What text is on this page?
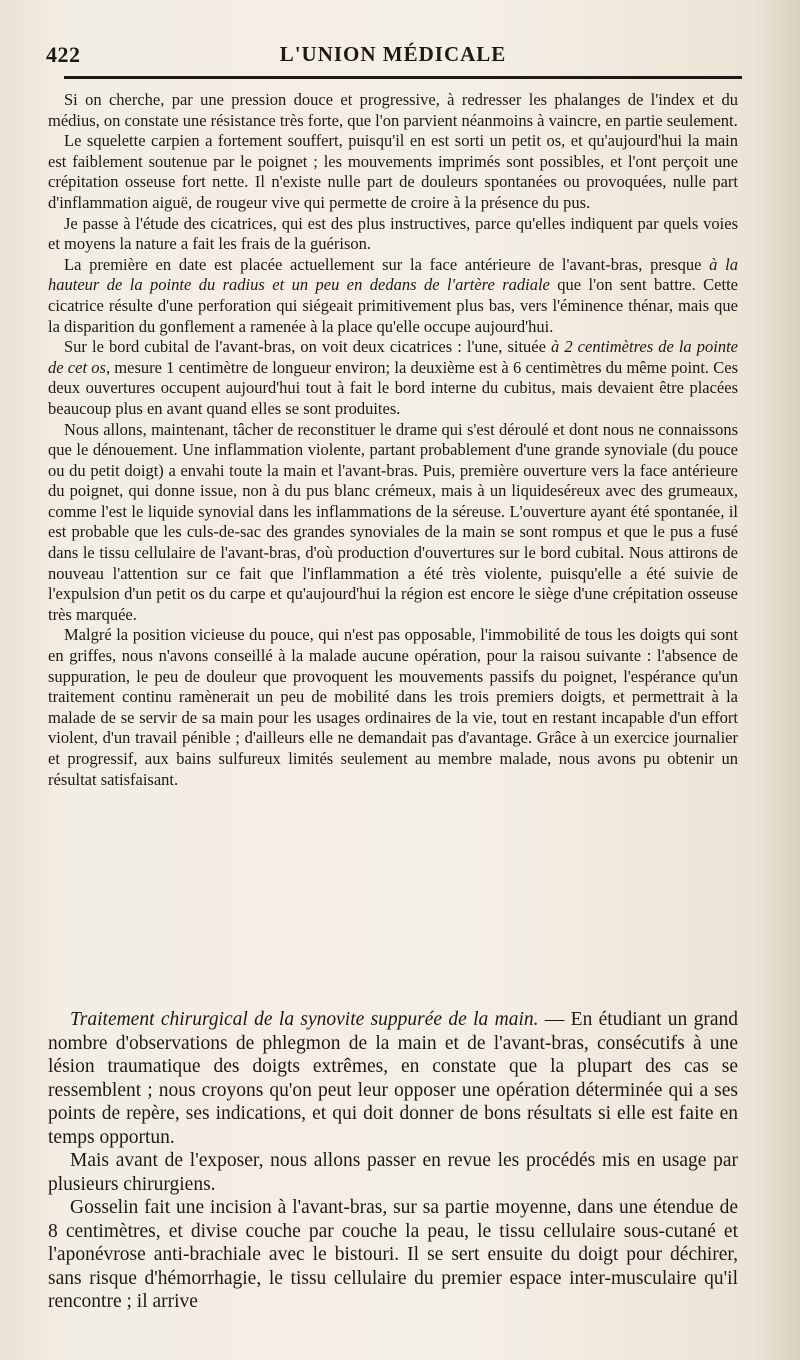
422	L'UNION MÉDICALE

Si on cherche, par une pression douce et progressive, à redresser les phalanges de l'index et du médius, on constate une résistance très forte, que l'on parvient néanmoins à vaincre, en partie seulement.

Le squelette carpien a fortement souffert, puisqu'il en est sorti un petit os, et qu'aujourd'hui la main est faiblement soutenue par le poignet ; les mouvements imprimés sont possibles, et l'ont perçoit une crépitation osseuse fort nette. Il n'existe nulle part de douleurs spontanées ou provoquées, nulle part d'inflammation aiguë, de rougeur vive qui permette de croire à la présence du pus.

Je passe à l'étude des cicatrices, qui est des plus instructives, parce qu'elles indiquent par quels voies et moyens la nature a fait les frais de la guérison.

La première en date est placée actuellement sur la face antérieure de l'avant-bras, presque à la hauteur de la pointe du radius et un peu en dedans de l'artère radiale que l'on sent battre. Cette cicatrice résulte d'une perforation qui siégeait primitivement plus bas, vers l'éminence thénar, mais que la disparition du gonflement a ramenée à la place qu'elle occupe aujourd'hui.

Sur le bord cubital de l'avant-bras, on voit deux cicatrices : l'une, située à 2 centimètres de la pointe de cet os, mesure 1 centimètre de longueur environ; la deuxième est à 6 centimètres du même point. Ces deux ouvertures occupent aujourd'hui tout à fait le bord interne du cubitus, mais devaient être placées beaucoup plus en avant quand elles se sont produites.

Nous allons, maintenant, tâcher de reconstituer le drame qui s'est déroulé et dont nous ne connaissons que le dénouement. Une inflammation violente, partant probablement d'une grande synoviale (du pouce ou du petit doigt) a envahi toute la main et l'avant-bras. Puis, première ouverture vers la face antérieure du poignet, qui donne issue, non à du pus blanc crémeux, mais à un liquideséreux avec des grumeaux, comme l'est le liquide synovial dans les inflammations de la séreuse. L'ouverture ayant été spontanée, il est probable que les culs-de-sac des grandes synoviales de la main se sont rompus et que le pus a fusé dans le tissu cellulaire de l'avant-bras, d'où production d'ouvertures sur le bord cubital. Nous attirons de nouveau l'attention sur ce fait que l'inflammation a été très violente, puisqu'elle a été suivie de l'expulsion d'un petit os du carpe et qu'aujourd'hui la région est encore le siège d'une crépitation osseuse très marquée.

Malgré la position vicieuse du pouce, qui n'est pas opposable, l'immobilité de tous les doigts qui sont en griffes, nous n'avons conseillé à la malade aucune opération, pour la raisou suivante : l'absence de suppuration, le peu de douleur que provoquent les mouvements passifs du poignet, l'espérance qu'un traitement continu ramènerait un peu de mobilité dans les trois premiers doigts, et permettrait à la malade de se servir de sa main pour les usages ordinaires de la vie, tout en restant incapable d'un effort violent, d'un travail pénible ; d'ailleurs elle ne demandait pas d'avantage. Grâce à un exercice journalier et progressif, aux bains sulfureux limités seulement au membre malade, nous avons pu obtenir un résultat satisfaisant.

Traitement chirurgical de la synovite suppurée de la main. — En étudiant un grand nombre d'observations de phlegmon de la main et de l'avant-bras, consécutifs à une lésion traumatique des doigts extrêmes, en constate que la plupart des cas se ressemblent ; nous croyons qu'on peut leur opposer une opération déterminée qui a ses points de repère, ses indications, et qui doit donner de bons résultats si elle est faite en temps opportun.

Mais avant de l'exposer, nous allons passer en revue les procédés mis en usage par plusieurs chirurgiens.

Gosselin fait une incision à l'avant-bras, sur sa partie moyenne, dans une étendue de 8 centimètres, et divise couche par couche la peau, le tissu cellulaire sous-cutané et l'aponévrose anti-brachiale avec le bistouri. Il se sert ensuite du doigt pour déchirer, sans risque d'hémorrhagie, le tissu cellulaire du premier espace inter-musculaire qu'il rencontre ; il arrive
